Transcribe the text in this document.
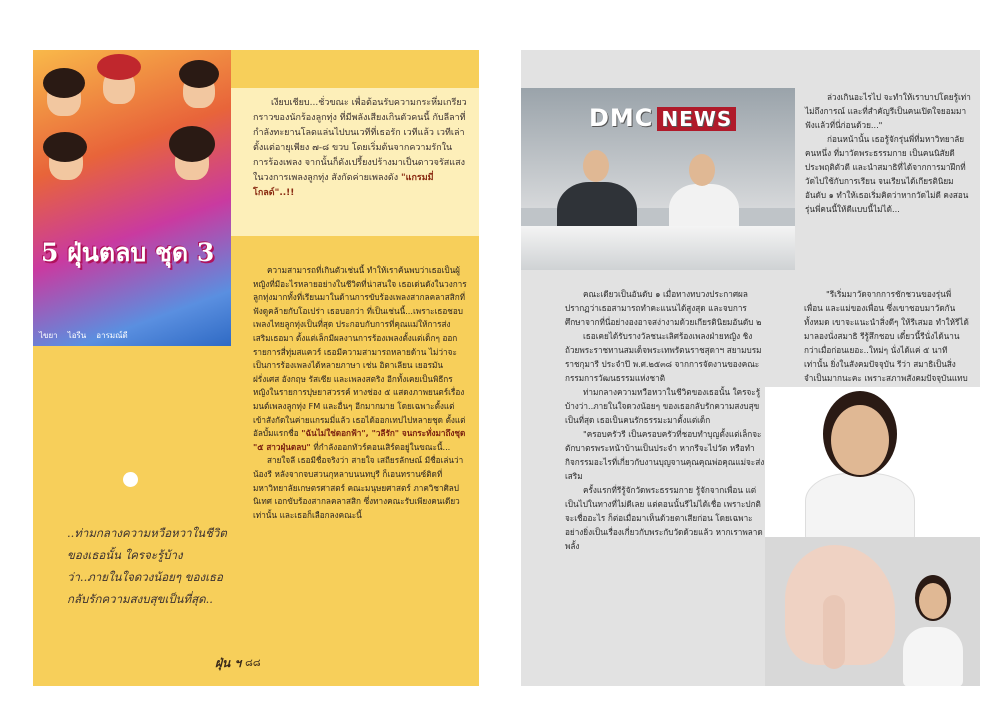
5 ฝุ่นตลบ ชุด 3
ไขยา ไอรีน อารมณ์ดี

เงียบเชียบ...ชั่วขณะ เพื่อต้อนรับความกระหึ่มเกรียวกราวของนักร้องลูกทุ่ง ที่มีพลังเสียงเกินตัวคนนี้ กับลีลาที่กำลังทะยานโลดแล่นไปบนเวทีที่เธอรัก เวทีแล้ว เวทีเล่า ตั้งแต่อายุเพียง ๗-๘ ขวบ โดยเริ่มต้นจากความรักในการร้องเพลง จากนั้นก็ดังเปรี้ยงปร้างมาเป็นดาวจรัสแสง ในวงการเพลงลูกทุ่ง สังกัดค่ายเพลงดัง "แกรมมี่ โกลด์"..!!

ความสามารถที่เกินตัวเช่นนี้ ทำให้เราค้นพบว่าเธอเป็นผู้หญิงที่มีอะไรหลายอย่างในชีวิตที่น่าสนใจ เธอเด่นดังในวงการลูกทุ่งมากทั้งที่เรียนมาในด้านการขับร้องเพลงสากลคลาสสิกที่ฟังดูคล้ายกับโอเปร่า เธอบอกว่า ที่เป็นเช่นนี้...เพราะเธอชอบเพลงไทยลูกทุ่งเป็นที่สุด ประกอบกับการที่คุณแม่ให้การส่งเสริมเธอมา ตั้งแต่เล็กมีผลงานการร้องเพลงตั้งแต่เด็กๆ ออกรายการสี่ทุ่มสแควร์ เธอมีความสามารถหลายด้าน ไม่ว่าจะเป็นการร้องเพลงได้หลายภาษา เช่น อิตาเลียน เยอรมัน ฝรั่งเศส อังกฤษ รัสเซีย และเพลงสตริง อีกทั้งเคยเป็นพิธีกรหญิงในรายการปุษยาสวรรค์ ทางช่อง ๕ แสดงภาพยนตร์เรื่องมนต์เพลงลูกทุ่ง FM และอื่นๆ อีกมากมาย โดยเฉพาะตั้งแต่เข้าสังกัดในค่ายแกรมมี่แล้ว เธอได้ออกเทปไปหลายชุด ตั้งแต่อัลบั้มแรกชื่อ "ฉันไม่ใช่ดอกฟ้า", "วลีรัก" จนกระทั่งมาถึงชุด "๕ สาวฝุ่นตลบ" ที่กำลังออกทัวร์คอนเสิร์ตอยู่ในขณะนี้...

สายใจลี เธอมีชื่อจริงว่า สายใจ เสถียรลักษณ์ มีชื่อเล่นว่า น้องรี หลังจากจบสวนกุหลาบนนทบุรี ก็เอนทรานซ์ติดที่มหาวิทยาลัยเกษตรศาสตร์ คณะมนุษยศาสตร์ ภาควิชาศิลปนิเทศ เอกขับร้องสากลคลาสสิก ซึ่งทางคณะรับเพียงคนเดียวเท่านั้น และเธอก็เลือกลงคณะนี้

..ท่ามกลางความหวือหวาในชีวิตของเธอนั้น ใครจะรู้บ้างว่า..ภายในใจดวงน้อยๆ ของเธอ กลับรักความสงบสุขเป็นที่สุด..
ฝุ่น ฯ ๘๘
DMC NEWS

ล่วงเกินอะไรไป จะทำให้เราบาปโดยรู้เท่าไม่ถึงการณ์ และที่สำคัญรีเป็นคนเปิดใจยอมมาฟังแล้วที่นี่ก่อนด้วย..."

ก่อนหน้านั้น เธอรู้จักรุ่นพี่ที่มหาวิทยาลัยคนหนึ่ง ที่มาวัดพระธรรมกาย เป็นคนนิสัยดี ประพฤติตัวดี และนำสมาธิที่ได้จากการมาฝึกที่วัดไปใช้กับการเรียน จนเรียนได้เกียรตินิยมอันดับ ๑ ทำให้เธอเริ่มคิดว่าหากวัดไม่ดี คงสอนรุ่นพี่คนนี้ให้ดีแบบนี้ไม่ได้...

คณะเดียวเป็นอันดับ ๑ เมื่อทางทบวงประกาศผล ปรากฏว่าเธอสามารถทำคะแนนได้สูงสุด และจบการศึกษาจากที่นี่อย่างองอาจสง่างามด้วยเกียรตินิยมอันดับ ๒

เธอเคยได้รับรางวัลชนะเลิศร้องเพลงฝ่ายหญิง ชิงถ้วยพระราชทานสมเด็จพระเทพรัตนราชสุดาฯ สยามบรมราชกุมารี ประจำปี พ.ศ.๒๕๓๘ จากการจัดงานของคณะกรรมการวัฒนธรรมแห่งชาติ

ท่ามกลางความหวือหวาในชีวิตของเธอนั้น ใครจะรู้บ้างว่า..ภายในใจดวงน้อยๆ ของเธอกลับรักความสงบสุขเป็นที่สุด เธอเป็นคนรักธรรมะมาตั้งแต่เด็ก

"ครอบครัวรี เป็นครอบครัวที่ชอบทำบุญตั้งแต่เล็กจะตักบาตรพระหน้าบ้านเป็นประจำ หากรีจะไปวัด หรือทำกิจกรรมอะไรที่เกี่ยวกับงานบุญจานคุณคุณพ่อคุณแม่จะส่งเสริม

ครั้งแรกที่รีรู้จักวัดพระธรรมกาย รู้จักจากเพื่อน แต่เป็นไปในทางที่ไม่ดีเลย แต่ตอนนั้นรีไม่ได้เชื่อ เพราะปกติจะเชื่ออะไร ก็ต่อเมื่อมาเห็นด้วยตาเสียก่อน โดยเฉพาะอย่างยิ่งเป็นเรื่องเกี่ยวกับพระกับวัดด้วยแล้ว หากเราพลาดพลั้ง

"รีเริ่มมาวัดจากการชักชวนของรุ่นพี่ เพื่อน และแม่ของเพื่อน ซึ่งเขาชอบมาวัดกันทั้งหมด เขาจะแนะนำสิ่งดีๆ ให้รีเสมอ ทำให้รีได้มาลองนั่งสมาธิ รีรู้สึกชอบ เดี๋ยวนี้รีนั่งได้นานกว่าเมื่อก่อนเยอะ..ใหม่ๆ นั่งได้แค่ ๕ นาที เท่านั้น ยิ่งในสังคมปัจจุบัน รีว่า สมาธิเป็นสิ่งจำเป็นมากนะคะ เพราะสภาพสังคมปัจจุบันแทบ
